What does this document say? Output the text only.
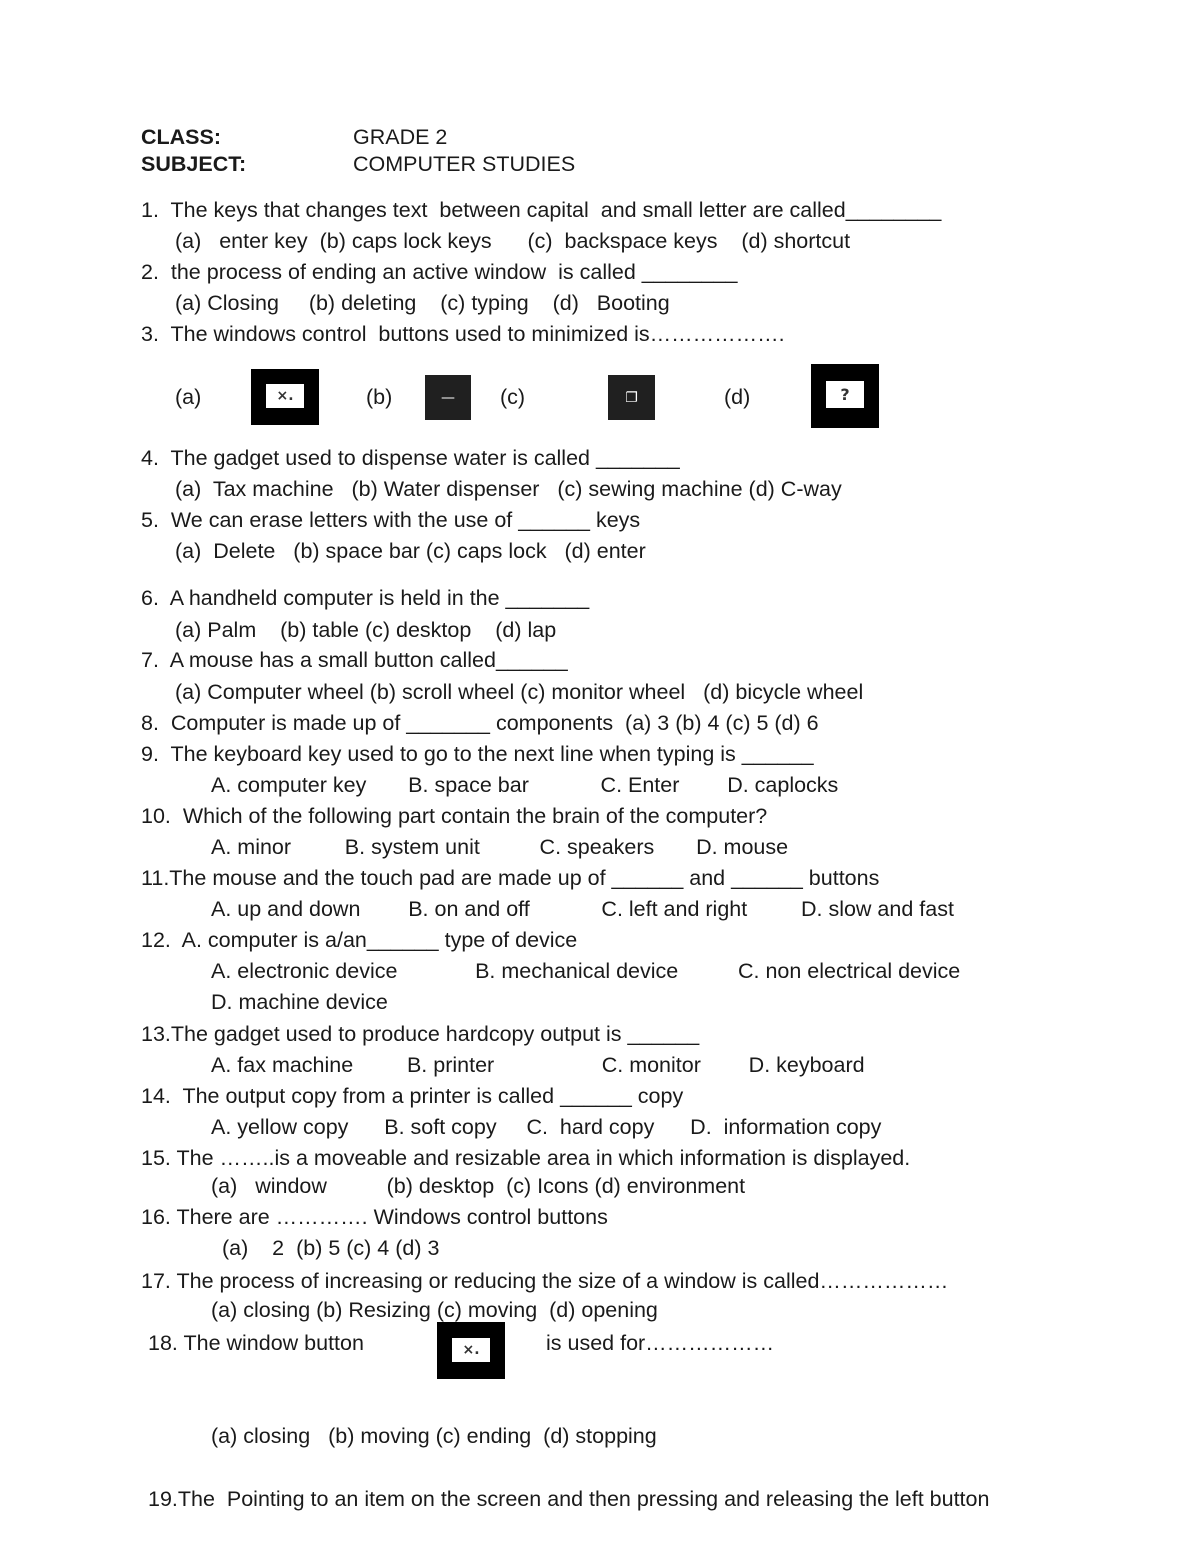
CLASS:	GRADE 2
SUBJECT:	COMPUTER STUDIES
1.  The keys that changes text  between capital  and small letter are called________
(a)   enter key  (b) caps lock keys      (c)  backspace keys    (d) shortcut
2.  the process of ending an active window  is called ________
(a) Closing     (b) deleting    (c) typing    (d)   Booting
3.  The windows control  buttons used to minimized is……………….
(a)	×.	(b)	—	(c)	❐	(d)	?
4.  The gadget used to dispense water is called _______
(a)  Tax machine   (b) Water dispenser   (c) sewing machine (d) C-way
5.  We can erase letters with the use of ______ keys
(a)  Delete   (b) space bar (c) caps lock   (d) enter
6.  A handheld computer is held in the _______
(a) Palm    (b) table (c) desktop    (d) lap
7.  A mouse has a small button called______
(a) Computer wheel (b) scroll wheel (c) monitor wheel   (d) bicycle wheel
8.  Computer is made up of _______ components  (a) 3 (b) 4 (c) 5 (d) 6
9.  The keyboard key used to go to the next line when typing is ______
A. computer key       B. space bar            C. Enter        D. caplocks
10.  Which of the following part contain the brain of the computer?
A. minor         B. system unit          C. speakers       D. mouse
11.The mouse and the touch pad are made up of ______ and ______ buttons
A. up and down        B. on and off            C. left and right         D. slow and fast
12.  A. computer is a/an______ type of device
A. electronic device             B. mechanical device          C. non electrical device
D. machine device
13.The gadget used to produce hardcopy output is ______
A. fax machine         B. printer                  C. monitor        D. keyboard
14.  The output copy from a printer is called ______ copy
A. yellow copy      B. soft copy     C.  hard copy      D.  information copy
15. The ……..is a moveable and resizable area in which information is displayed.
(a)   window          (b) desktop  (c) Icons (d) environment
16. There are …………. Windows control buttons
(a)    2  (b) 5 (c) 4 (d) 3
17. The process of increasing or reducing the size of a window is called………………
(a) closing (b) Resizing (c) moving  (d) opening
18. The window button	×.	is used for………………
(a) closing   (b) moving (c) ending  (d) stopping
19.The  Pointing to an item on the screen and then pressing and releasing the left button
